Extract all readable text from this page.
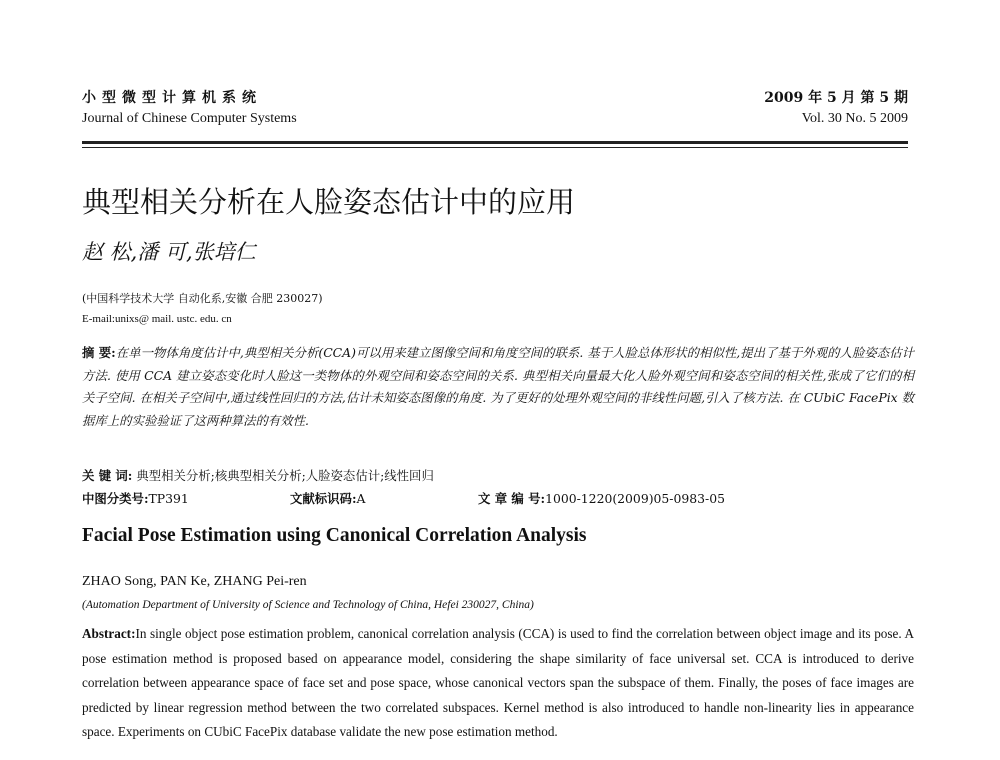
小型微型计算机系统
Journal of Chinese Computer Systems
2009 年 5 月 第 5 期
Vol. 30 No. 5 2009
典型相关分析在人脸姿态估计中的应用
赵 松,潘 可,张培仁
(中国科学技术大学 自动化系,安徽 合肥 230027)
E-mail:unixs@ mail. ustc. edu. cn
摘 要:在单一物体角度估计中,典型相关分析(CCA)可以用来建立图像空间和角度空间的联系. 基于人脸总体形状的相似性,提出了基于外观的人脸姿态估计方法. 使用 CCA 建立姿态变化时人脸这一类物体的外观空间和姿态空间的关系. 典型相关向量最大化人脸外观空间和姿态空间的相关性,张成了它们的相关子空间. 在相关子空间中,通过线性回归的方法,估计未知姿态图像的角度. 为了更好的处理外观空间的非线性问题,引入了核方法. 在 CUbiC FacePix 数据库上的实验验证了这两种算法的有效性.
关 键 词: 典型相关分析;核典型相关分析;人脸姿态估计;线性回归
中图分类号:TP391	文献标识码:A	文 章 编 号:1000-1220(2009)05-0983-05
Facial Pose Estimation using Canonical Correlation Analysis
ZHAO Song, PAN Ke, ZHANG Pei-ren
(Automation Department of University of Science and Technology of China, Hefei 230027, China)
Abstract:In single object pose estimation problem, canonical correlation analysis (CCA) is used to find the correlation between object image and its pose. A pose estimation method is proposed based on appearance model, considering the shape similarity of face universal set. CCA is introduced to derive correlation between appearance space of face set and pose space, whose canonical vectors span the subspace of them. Finally, the poses of face images are predicted by linear regression method between the two correlated subspaces. Kernel method is also introduced to handle non-linearity lies in appearance space. Experiments on CUbiC FacePix database validate the new pose estimation method.
